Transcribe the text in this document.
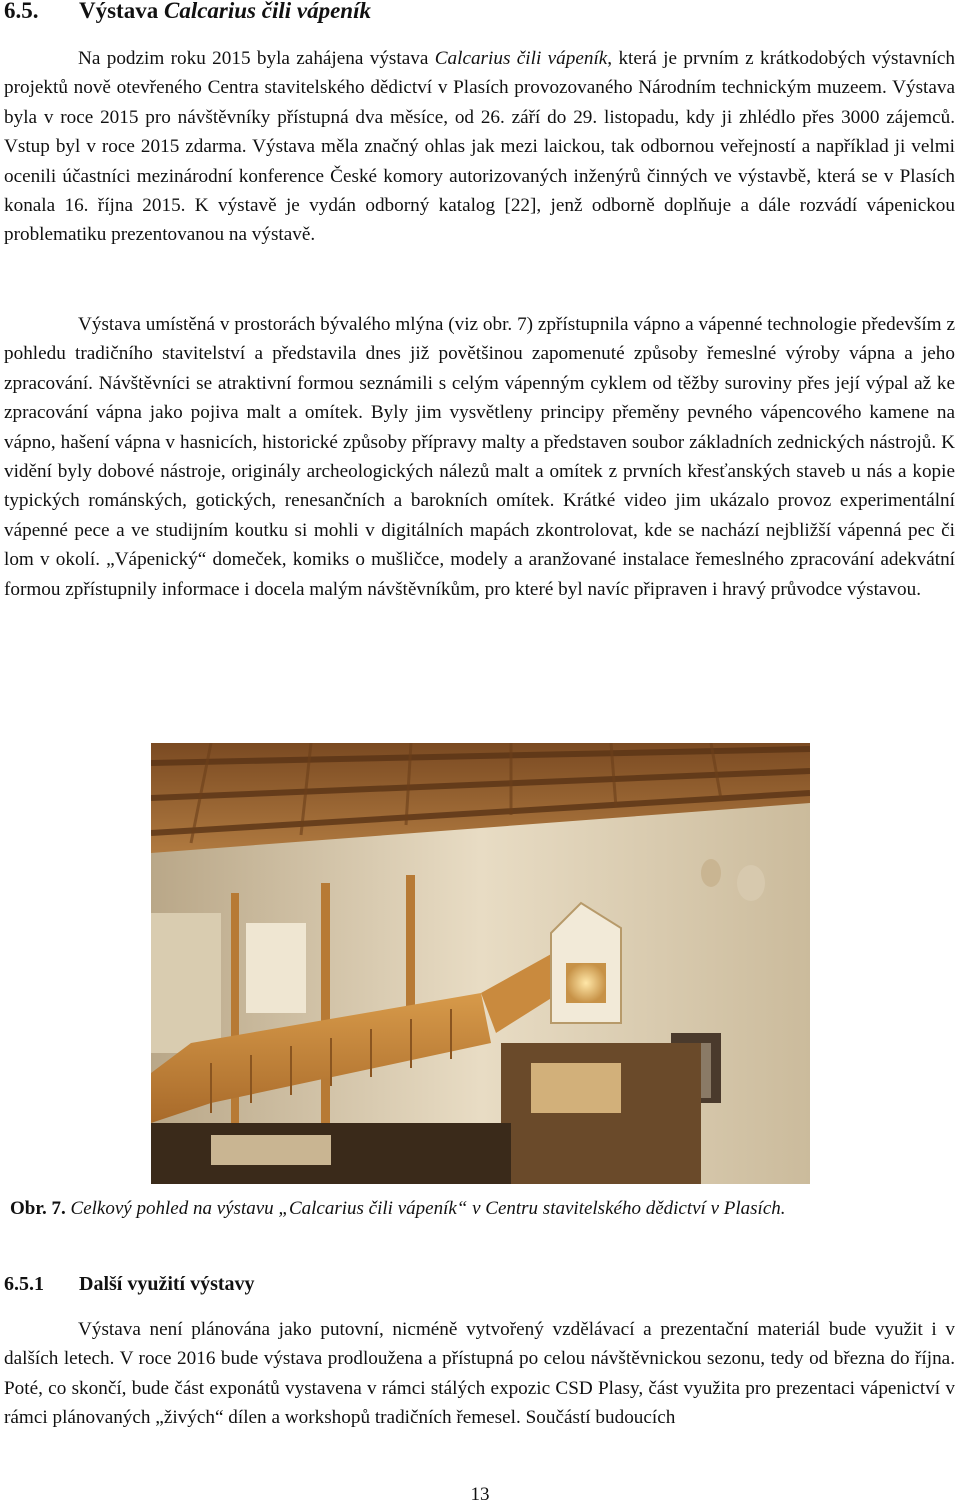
6.5. Výstava Calcarius čili vápeník

Na podzim roku 2015 byla zahájena výstava Calcarius čili vápeník, která je prvním z krátkodobých výstavních projektů nově otevřeného Centra stavitelského dědictví v Plasích provozovaného Národním technickým muzeem. Výstava byla v roce 2015 pro návštěvníky přístupná dva měsíce, od 26. září do 29. listopadu, kdy ji zhlédlo přes 3000 zájemců. Vstup byl v roce 2015 zdarma. Výstava měla značný ohlas jak mezi laickou, tak odbornou veřejností a například ji velmi ocenili účastníci mezinárodní konference České komory autorizovaných inženýrů činných ve výstavbě, která se v Plasích konala 16. října 2015. K výstavě je vydán odborný katalog [22], jenž odborně doplňuje a dále rozvádí vápenickou problematiku prezentovanou na výstavě.

Výstava umístěná v prostorách bývalého mlýna (viz obr. 7) zpřístupnila vápno a vápenné technologie především z pohledu tradičního stavitelství a představila dnes již povětšinou zapomenuté způsoby řemeslné výroby vápna a jeho zpracování. Návštěvníci se atraktivní formou seznámili s celým vápenným cyklem od těžby suroviny přes její výpal až ke zpracování vápna jako pojiva malt a omítek. Byly jim vysvětleny principy přeměny pevného vápencového kamene na vápno, hašení vápna v hasnicích, historické způsoby přípravy malty a představen soubor základních zednických nástrojů. K vidění byly dobové nástroje, originály archeologických nálezů malt a omítek z prvních křesťanských staveb u nás a kopie typických románských, gotických, renesančních a barokních omítek. Krátké video jim ukázalo provoz experimentální vápenné pece a ve studijním koutku si mohli v digitálních mapách zkontrolovat, kde se nachází nejbližší vápenná pec či lom v okolí. „Vápenický“ domeček, komiks o mušličce, modely a aranžované instalace řemeslného zpracování adekvátní formou zpřístupnily informace i docela malým návštěvníkům, pro které byl navíc připraven i hravý průvodce výstavou.

Obr. 7. Celkový pohled na výstavu „Calcarius čili vápeník“ v Centru stavitelského dědictví v Plasích.

6.5.1 Další využití výstavy

Výstava není plánována jako putovní, nicméně vytvořený vzdělávací a prezentační materiál bude využit i v dalších letech. V roce 2016 bude výstava prodloužena a přístupná po celou návštěvnickou sezonu, tedy od března do října. Poté, co skončí, bude část exponátů vystavena v rámci stálých expozic CSD Plasy, část využita pro prezentaci vápenictví v rámci plánovaných „živých“ dílen a workshopů tradičních řemesel. Součástí budoucích

13
